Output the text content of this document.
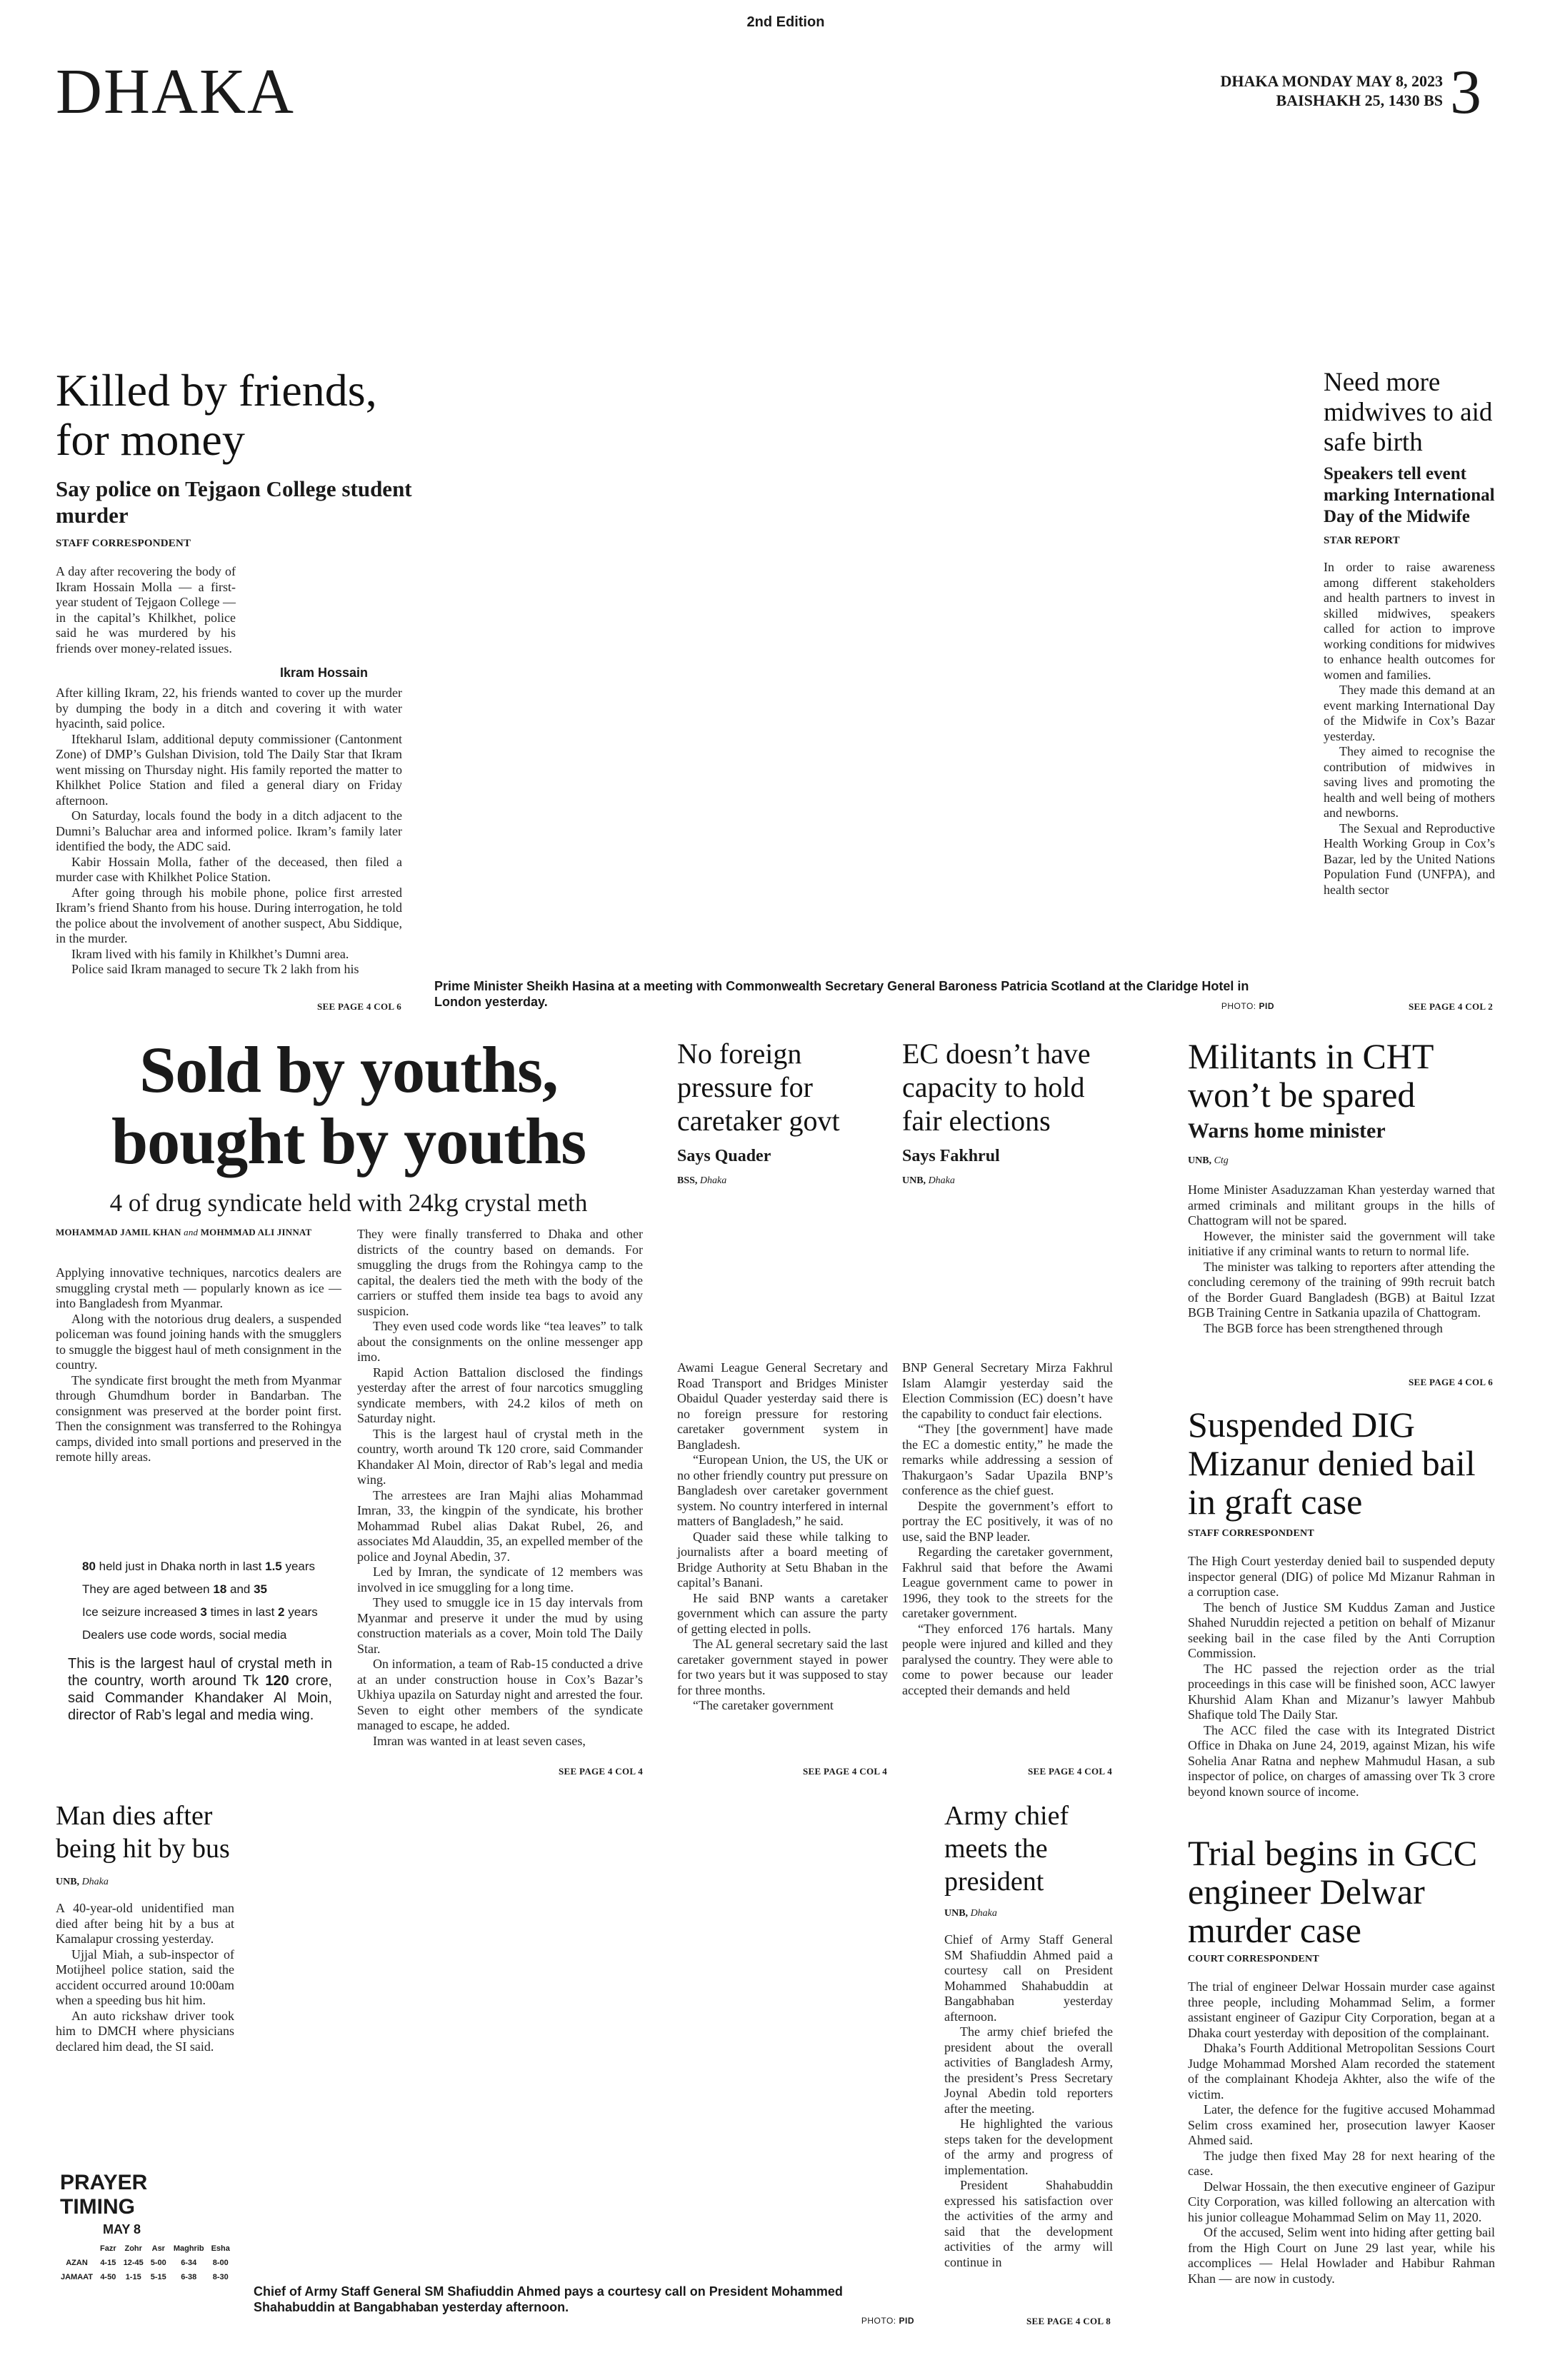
2nd Edition
DHAKA	DHAKA MONDAY MAY 8, 2023
BAISHAKH 25, 1430 BS 3
Killed by friends,
for money
Say police on Tejgaon College student murder
STAFF CORRESPONDENT
Ikram Hossain
A day after recovering the body of Ikram Hossain Molla — a first-year student of Tejgaon College — in the capital’s Khilkhet, police said he was murdered by his friends over money-related issues.

After killing Ikram, 22, his friends wanted to cover up the murder by dumping the body in a ditch and covering it with water hyacinth, said police.

Iftekharul Islam, additional deputy commissioner (Cantonment Zone) of DMP’s Gulshan Division, told The Daily Star that Ikram went missing on Thursday night. His family reported the matter to Khilkhet Police Station and filed a general diary on Friday afternoon.

On Saturday, locals found the body in a ditch adjacent to the Dumni’s Baluchar area and informed police. Ikram’s family later identified the body, the ADC said.

Kabir Hossain Molla, father of the deceased, then filed a murder case with Khilkhet Police Station.

After going through his mobile phone, police first arrested Ikram’s friend Shanto from his house. During interrogation, he told the police about the involvement of another suspect, Abu Siddique, in the murder.

Ikram lived with his family in Khilkhet’s Dumni area.

Police said Ikram managed to secure Tk 2 lakh from his

SEE PAGE 4 COL 6
Prime Minister Sheikh Hasina at a meeting with Commonwealth Secretary General Baroness Patricia Scotland at the Claridge Hotel in London yesterday.	PHOTO: PID
Need more midwives to aid safe birth
Speakers tell event marking International Day of the Midwife
STAR REPORT

In order to raise awareness among different stakeholders and health partners to invest in skilled midwives, speakers called for action to improve working conditions for midwives to enhance health outcomes for women and families.

They made this demand at an event marking International Day of the Midwife in Cox’s Bazar yesterday.

They aimed to recognise the contribution of midwives in saving lives and promoting the health and well being of mothers and newborns.

The Sexual and Reproductive Health Working Group in Cox’s Bazar, led by the United Nations Population Fund (UNFPA), and health sector

SEE PAGE 4 COL 2
Sold by youths,
bought by youths
4 of drug syndicate held with 24kg crystal meth
MOHAMMAD JAMIL KHAN and MOHMMAD ALI JINNAT

Applying innovative techniques, narcotics dealers are smuggling crystal meth — popularly known as ice — into Bangladesh from Myanmar.

Along with the notorious drug dealers, a suspended policeman was found joining hands with the smugglers to smuggle the biggest haul of meth consignment in the country.

The syndicate first brought the meth from Myanmar through Ghumdhum border in Bandarban. The consignment was preserved at the border point first. Then the consignment was transferred to the Rohingya camps, divided into small portions and preserved in the remote hilly areas.

80 held just in Dhaka north in last 1.5 years
They are aged between 18 and 35
Ice seizure increased 3 times in last 2 years
Dealers use code words, social media
This is the largest haul of crystal meth in the country, worth around Tk 120 crore, said Commander Khandaker Al Moin, director of Rab’s legal and media wing.

They were finally transferred to Dhaka and other districts of the country based on demands. For smuggling the drugs from the Rohingya camp to the capital, the dealers tied the meth with the body of the carriers or stuffed them inside tea bags to avoid any suspicion.

They even used code words like “tea leaves” to talk about the consignments on the online messenger app imo.

Rapid Action Battalion disclosed the findings yesterday after the arrest of four narcotics smuggling syndicate members, with 24.2 kilos of meth on Saturday night.

This is the largest haul of crystal meth in the country, worth around Tk 120 crore, said Commander Khandaker Al Moin, director of Rab’s legal and media wing.

The arrestees are Iran Majhi alias Mohammad Imran, 33, the kingpin of the syndicate, his brother Mohammad Rubel alias Dakat Rubel, 26, and associates Md Alauddin, 35, an expelled member of the police and Joynal Abedin, 37.

Led by Imran, the syndicate of 12 members was involved in ice smuggling for a long time.

They used to smuggle ice in 15 day intervals from Myanmar and preserve it under the mud by using construction materials as a cover, Moin told The Daily Star.

On information, a team of Rab-15 conducted a drive at an under construction house in Cox’s Bazar’s Ukhiya upazila on Saturday night and arrested the four. Seven to eight other members of the syndicate managed to escape, he added.

Imran was wanted in at least seven cases,

SEE PAGE 4 COL 4
No foreign pressure for caretaker govt
Says Quader
BSS, Dhaka

Awami League General Secretary and Road Transport and Bridges Minister Obaidul Quader yesterday said there is no foreign pressure for restoring caretaker government system in Bangladesh.

“European Union, the US, the UK or no other friendly country put pressure on Bangladesh over caretaker government system. No country interfered in internal matters of Bangladesh,” he said.

Quader said these while talking to journalists after a board meeting of Bridge Authority at Setu Bhaban in the capital’s Banani.

He said BNP wants a caretaker government which can assure the party of getting elected in polls.

The AL general secretary said the last caretaker government stayed in power for two years but it was supposed to stay for three months.

“The caretaker government

SEE PAGE 4 COL 4
EC doesn’t have capacity to hold fair elections
Says Fakhrul
UNB, Dhaka

BNP General Secretary Mirza Fakhrul Islam Alamgir yesterday said the Election Commission (EC) doesn’t have the capability to conduct fair elections.

“They [the government] have made the EC a domestic entity,” he made the remarks while addressing a session of Thakurgaon’s Sadar Upazila BNP’s conference as the chief guest.

Despite the government’s effort to portray the EC positively, it was of no use, said the BNP leader.

Regarding the caretaker government, Fakhrul said that before the Awami League government came to power in 1996, they took to the streets for the caretaker government.

“They enforced 176 hartals. Many people were injured and killed and they paralysed the country. They were able to come to power because our leader accepted their demands and held

SEE PAGE 4 COL 4
Militants in CHT won’t be spared
Warns home minister
UNB, Ctg

Home Minister Asaduzzaman Khan yesterday warned that armed criminals and militant groups in the hills of Chattogram will not be spared.

However, the minister said the government will take initiative if any criminal wants to return to normal life.

The minister was talking to reporters after attending the concluding ceremony of the training of 99th recruit batch of the Border Guard Bangladesh (BGB) at Baitul Izzat BGB Training Centre in Satkania upazila of Chattogram.

The BGB force has been strengthened through

SEE PAGE 4 COL 6
Suspended DIG Mizanur denied bail in graft case
STAFF CORRESPONDENT

The High Court yesterday denied bail to suspended deputy inspector general (DIG) of police Md Mizanur Rahman in a corruption case.

The bench of Justice SM Kuddus Zaman and Justice Shahed Nuruddin rejected a petition on behalf of Mizanur seeking bail in the case filed by the Anti Corruption Commission.

The HC passed the rejection order as the trial proceedings in this case will be finished soon, ACC lawyer Khurshid Alam Khan and Mizanur’s lawyer Mahbub Shafique told The Daily Star.

The ACC filed the case with its Integrated District Office in Dhaka on June 24, 2019, against Mizan, his wife Sohelia Anar Ratna and nephew Mahmudul Hasan, a sub inspector of police, on charges of amassing over Tk 3 crore beyond known source of income.

Trial begins in GCC engineer Delwar murder case
COURT CORRESPONDENT

The trial of engineer Delwar Hossain murder case against three people, including Mohammad Selim, a former assistant engineer of Gazipur City Corporation, began at a Dhaka court yesterday with deposition of the complainant.

Dhaka’s Fourth Additional Metropolitan Sessions Court Judge Mohammad Morshed Alam recorded the statement of the complainant Khodeja Akhter, also the wife of the victim.

Later, the defence for the fugitive accused Mohammad Selim cross examined her, prosecution lawyer Kaoser Ahmed said.

The judge then fixed May 28 for next hearing of the case.

Delwar Hossain, the then executive engineer of Gazipur City Corporation, was killed following an altercation with his junior colleague Mohammad Selim on May 11, 2020.

Of the accused, Selim went into hiding after getting bail from the High Court on June 29 last year, while his accomplices — Helal Howlader and Habibur Rahman Khan — are now in custody.

Man dies after being hit by bus
UNB, Dhaka

A 40-year-old unidentified man died after being hit by a bus at Kamalapur crossing yesterday.

Ujjal Miah, a sub-inspector of Motijheel police station, said the accident occurred around 10:00am when a speeding bus hit him.

An auto rickshaw driver took him to DMCH where physicians declared him dead, the SI said.

PRAYER
TIMING
MAY 8
	Fazr	Zohr	Asr	Maghrib	Esha
AZAN	4-15	12-45	5-00	6-34	8-00
JAMAAT	4-50	1-15	5-15	6-38	8-30
Chief of Army Staff General SM Shafiuddin Ahmed pays a courtesy call on President Mohammed Shahabuddin at Bangabhaban yesterday afternoon.
PHOTO: PID
Army chief meets the president
UNB, Dhaka

Chief of Army Staff General SM Shafiuddin Ahmed paid a courtesy call on President Mohammed Shahabuddin at Bangabhaban yesterday afternoon.

The army chief briefed the president about the overall activities of Bangladesh Army, the president’s Press Secretary Joynal Abedin told reporters after the meeting.

He highlighted the various steps taken for the development of the army and progress of implementation.

President Shahabuddin expressed his satisfaction over the activities of the army and said that the development activities of the army will continue in

SEE PAGE 4 COL 8
